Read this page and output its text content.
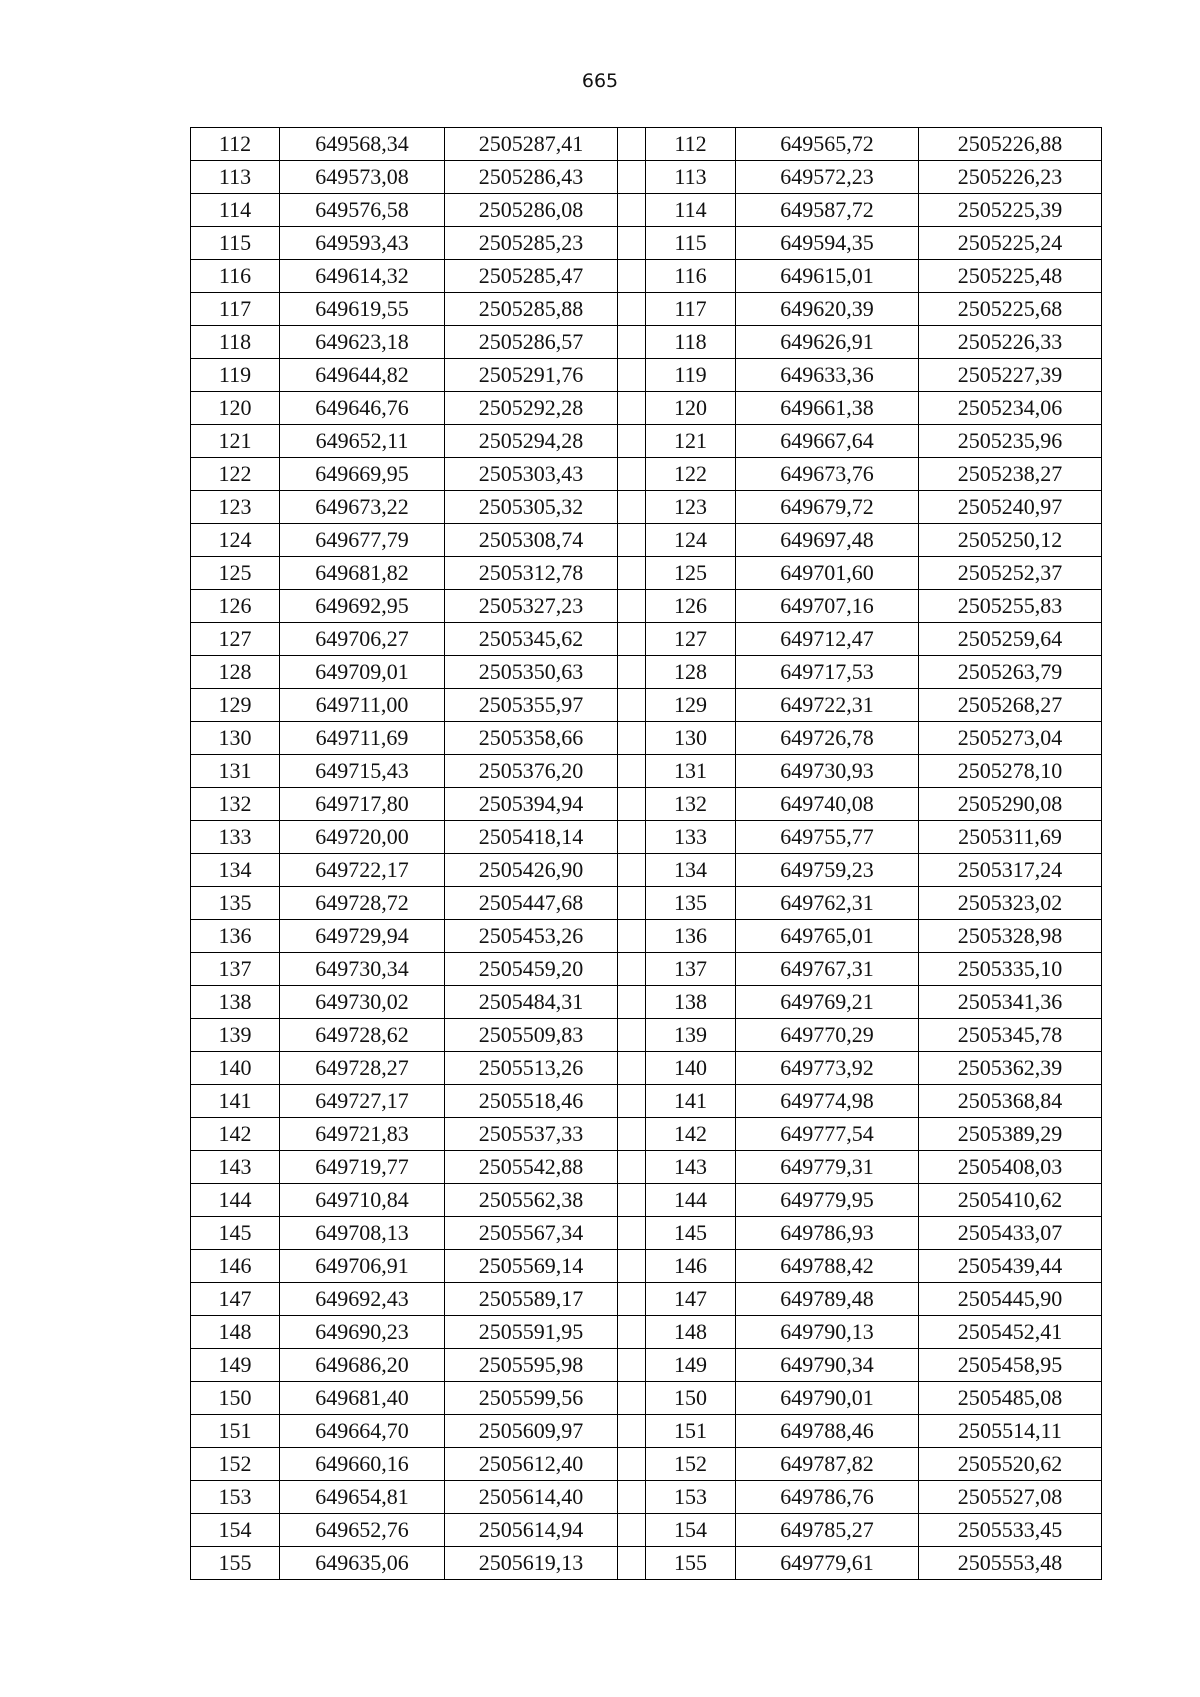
665
112	649568,34	2505287,41		112	649565,72	2505226,88
113	649573,08	2505286,43		113	649572,23	2505226,23
114	649576,58	2505286,08		114	649587,72	2505225,39
115	649593,43	2505285,23		115	649594,35	2505225,24
116	649614,32	2505285,47		116	649615,01	2505225,48
117	649619,55	2505285,88		117	649620,39	2505225,68
118	649623,18	2505286,57		118	649626,91	2505226,33
119	649644,82	2505291,76		119	649633,36	2505227,39
120	649646,76	2505292,28		120	649661,38	2505234,06
121	649652,11	2505294,28		121	649667,64	2505235,96
122	649669,95	2505303,43		122	649673,76	2505238,27
123	649673,22	2505305,32		123	649679,72	2505240,97
124	649677,79	2505308,74		124	649697,48	2505250,12
125	649681,82	2505312,78		125	649701,60	2505252,37
126	649692,95	2505327,23		126	649707,16	2505255,83
127	649706,27	2505345,62		127	649712,47	2505259,64
128	649709,01	2505350,63		128	649717,53	2505263,79
129	649711,00	2505355,97		129	649722,31	2505268,27
130	649711,69	2505358,66		130	649726,78	2505273,04
131	649715,43	2505376,20		131	649730,93	2505278,10
132	649717,80	2505394,94		132	649740,08	2505290,08
133	649720,00	2505418,14		133	649755,77	2505311,69
134	649722,17	2505426,90		134	649759,23	2505317,24
135	649728,72	2505447,68		135	649762,31	2505323,02
136	649729,94	2505453,26		136	649765,01	2505328,98
137	649730,34	2505459,20		137	649767,31	2505335,10
138	649730,02	2505484,31		138	649769,21	2505341,36
139	649728,62	2505509,83		139	649770,29	2505345,78
140	649728,27	2505513,26		140	649773,92	2505362,39
141	649727,17	2505518,46		141	649774,98	2505368,84
142	649721,83	2505537,33		142	649777,54	2505389,29
143	649719,77	2505542,88		143	649779,31	2505408,03
144	649710,84	2505562,38		144	649779,95	2505410,62
145	649708,13	2505567,34		145	649786,93	2505433,07
146	649706,91	2505569,14		146	649788,42	2505439,44
147	649692,43	2505589,17		147	649789,48	2505445,90
148	649690,23	2505591,95		148	649790,13	2505452,41
149	649686,20	2505595,98		149	649790,34	2505458,95
150	649681,40	2505599,56		150	649790,01	2505485,08
151	649664,70	2505609,97		151	649788,46	2505514,11
152	649660,16	2505612,40		152	649787,82	2505520,62
153	649654,81	2505614,40		153	649786,76	2505527,08
154	649652,76	2505614,94		154	649785,27	2505533,45
155	649635,06	2505619,13		155	649779,61	2505553,48
